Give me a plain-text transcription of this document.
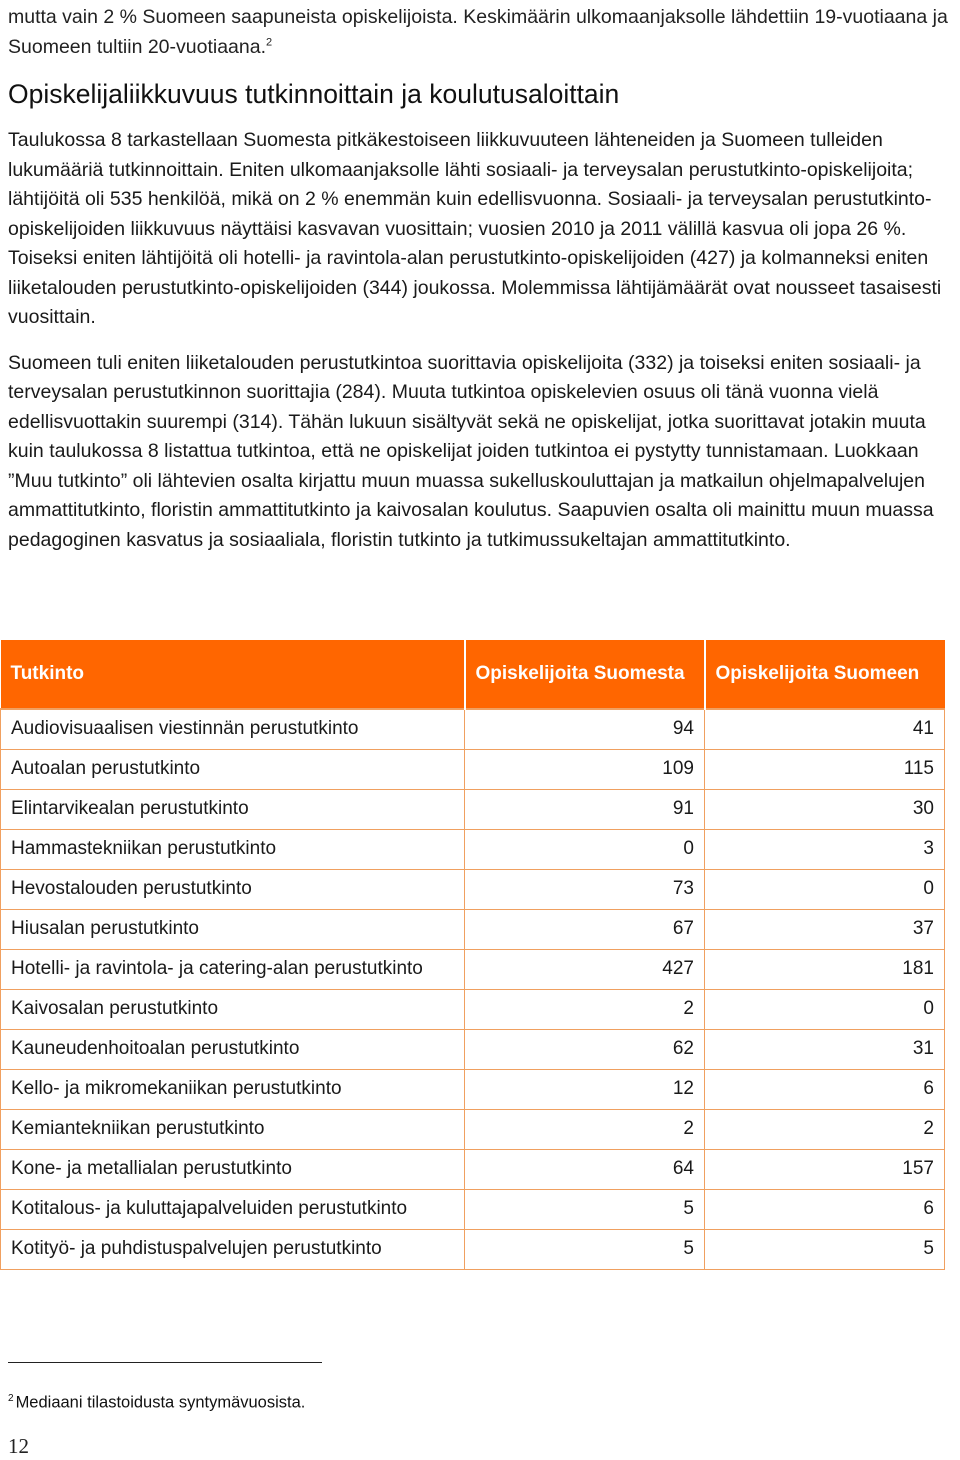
mutta vain 2 % Suomeen saapuneista opiskelijoista. Keskimäärin ulkomaanjaksolle lähdettiin 19-vuotiaana ja Suomeen tultiin 20-vuotiaana.$^2$

Opiskelijaliikkuvuus tutkinnoittain ja koulutusaloittain

Taulukossa 8 tarkastellaan Suomesta pitkäkestoiseen liikkuvuuteen lähteneiden ja Suomeen tulleiden lukumääriä tutkinnoittain. Eniten ulkomaanjaksolle lähti sosiaali- ja terveysalan perustutkinto-opiskelijoita; lähtijöitä oli 535 henkilöä, mikä on 2 % enemmän kuin edellisvuonna. Sosiaali- ja terveysalan perustutkinto-opiskelijoiden liikkuvuus näyttäisi kasvavan vuosittain; vuosien 2010 ja 2011 välillä kasvua oli jopa 26 %. Toiseksi eniten lähtijöitä oli hotelli- ja ravintola-alan perustutkinto-opiskelijoiden (427) ja kolmanneksi eniten liiketalouden perustutkinto-opiskelijoiden (344) joukossa. Molemmissa lähtijämäärät ovat nousseet tasaisesti vuosittain.

Suomeen tuli eniten liiketalouden perustutkintoa suorittavia opiskelijoita (332) ja toiseksi eniten sosiaali- ja terveysalan perustutkinnon suorittajia (284). Muuta tutkintoa opiskelevien osuus oli tänä vuonna vielä edellisvuottakin suurempi (314). Tähän lukuun sisältyvät sekä ne opiskelijat, jotka suorittavat jotakin muuta kuin taulukossa 8 listattua tutkintoa, että ne opiskelijat joiden tutkintoa ei pystytty tunnistamaan. Luokkaan ”Muu tutkinto” oli lähtevien osalta kirjattu muun muassa sukelluskouluttajan ja matkailun ohjelmapalvelujen ammattitutkinto, floristin ammattitutkinto ja kaivosalan koulutus. Saapuvien osalta oli mainittu muun muassa pedagoginen kasvatus ja sosiaaliala, floristin tutkinto ja tutkimussukeltajan ammattitutkinto.

Tutkinto	Opiskelijoita Suomesta	Opiskelijoita Suomeen
Audiovisuaalisen viestinnän perustutkinto	94	41
Autoalan perustutkinto	109	115
Elintarvikealan perustutkinto	91	30
Hammastekniikan perustutkinto	0	3
Hevostalouden perustutkinto	73	0
Hiusalan perustutkinto	67	37
Hotelli- ja ravintola- ja catering-alan perustutkinto	427	181
Kaivosalan perustutkinto	2	0
Kauneudenhoitoalan perustutkinto	62	31
Kello- ja mikromekaniikan perustutkinto	12	6
Kemiantekniikan perustutkinto	2	2
Kone- ja metallialan perustutkinto	64	157
Kotitalous- ja kuluttajapalveluiden perustutkinto	5	6
Kotityö- ja puhdistuspalvelujen perustutkinto	5	5
$^2$ Mediaani tilastoidusta syntymävuosista.
12
